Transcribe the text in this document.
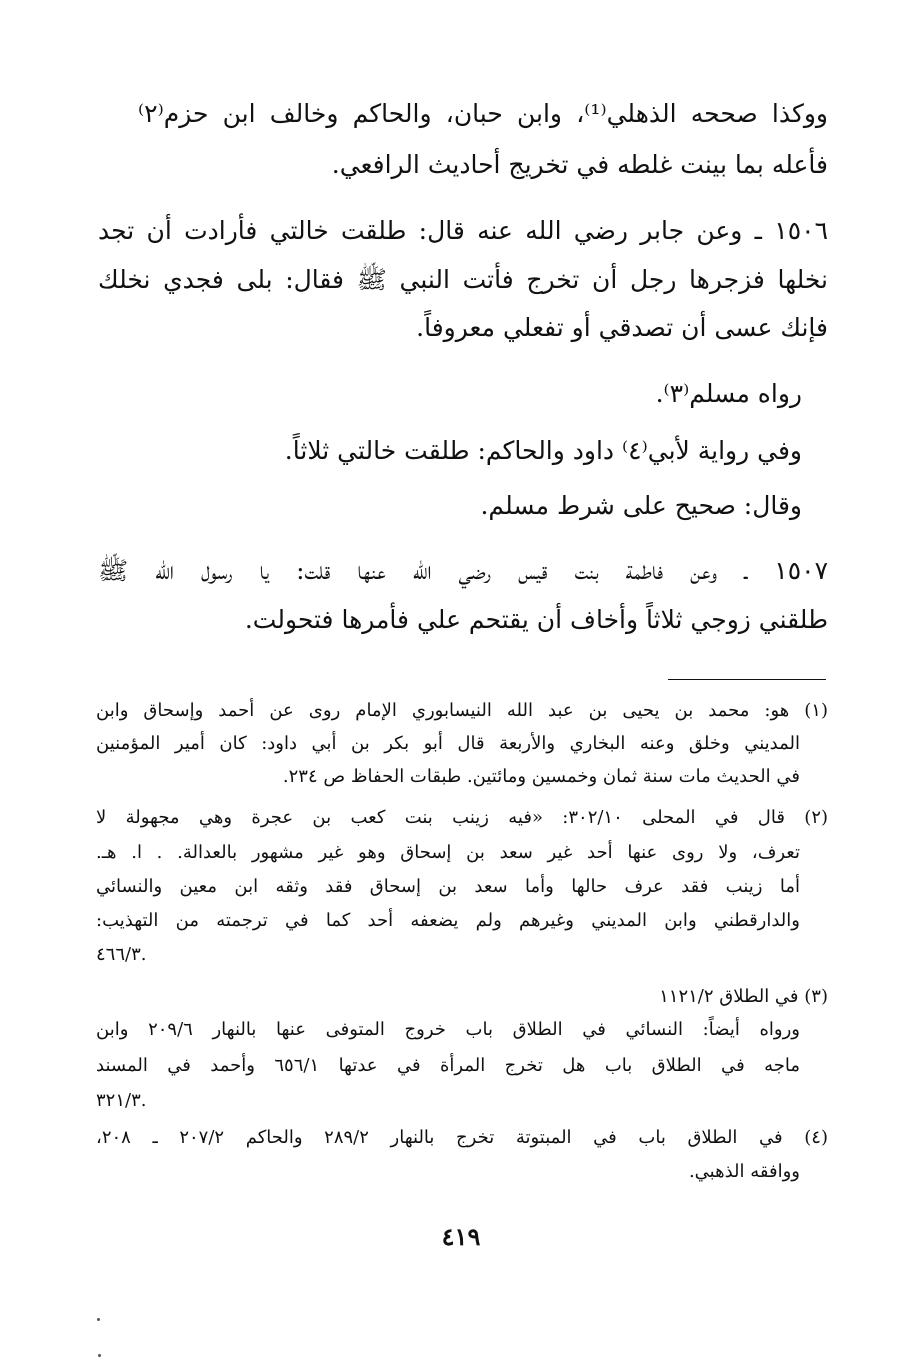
ووكذا صححه الذهلي⁽¹⁾، وابن حبان، والحاكم وخالف ابن حزم⁽٢⁾
فأعله بما بينت غلطه في تخريج أحاديث الرافعي.
١٥٠٦ ـ وعن جابر رضي الله عنه قال: طلقت خالتي فأرادت أن تجد
نخلها فزجرها رجل أن تخرج فأتت النبي ﷺ فقال: بلى فجدي نخلك
فإنك عسى أن تصدقي أو تفعلي معروفاً.
رواه مسلم⁽٣⁾.
وفي رواية لأبي⁽٤⁾ داود والحاكم: طلقت خالتي ثلاثاً.
وقال: صحيح على شرط مسلم.
١٥٠٧ ـ وعن فاطمة بنت قيس رضي الله عنها قلت: يا رسول الله ﷺ
طلقني زوجي ثلاثاً وأخاف أن يقتحم علي فأمرها فتحولت.
(١) هو: محمد بن يحيى بن عبد الله النيسابوري الإمام روى عن أحمد وإسحاق وابن
المديني وخلق وعنه البخاري والأربعة قال أبو بكر بن أبي داود: كان أمير المؤمنين
في الحديث مات سنة ثمان وخمسين ومائتين. طبقات الحفاظ ص ٢٣٤.
(٢) قال في المحلى ٣٠٢/١٠: «فيه زينب بنت كعب بن عجرة وهي مجهولة لا
تعرف، ولا روى عنها أحد غير سعد بن إسحاق وهو غير مشهور بالعدالة. . ا. هـ.
أما زينب فقد عرف حالها وأما سعد بن إسحاق فقد وثقه ابن معين والنسائي
والدارقطني وابن المديني وغيرهم ولم يضعفه أحد كما في ترجمته من التهذيب:
٤٦٦/٣.
(٣) في الطلاق ١١٢١/٢
ورواه أيضاً: النسائي في الطلاق باب خروج المتوفى عنها بالنهار ٢٠٩/٦ وابن
ماجه في الطلاق باب هل تخرج المرأة في عدتها ٦٥٦/١ وأحمد في المسند
٣٢١/٣.
(٤) في الطلاق باب في المبتوتة تخرج بالنهار ٢٨٩/٢ والحاكم ٢٠٧/٢ ـ ٢٠٨،
ووافقه الذهبي.
٤١٩
